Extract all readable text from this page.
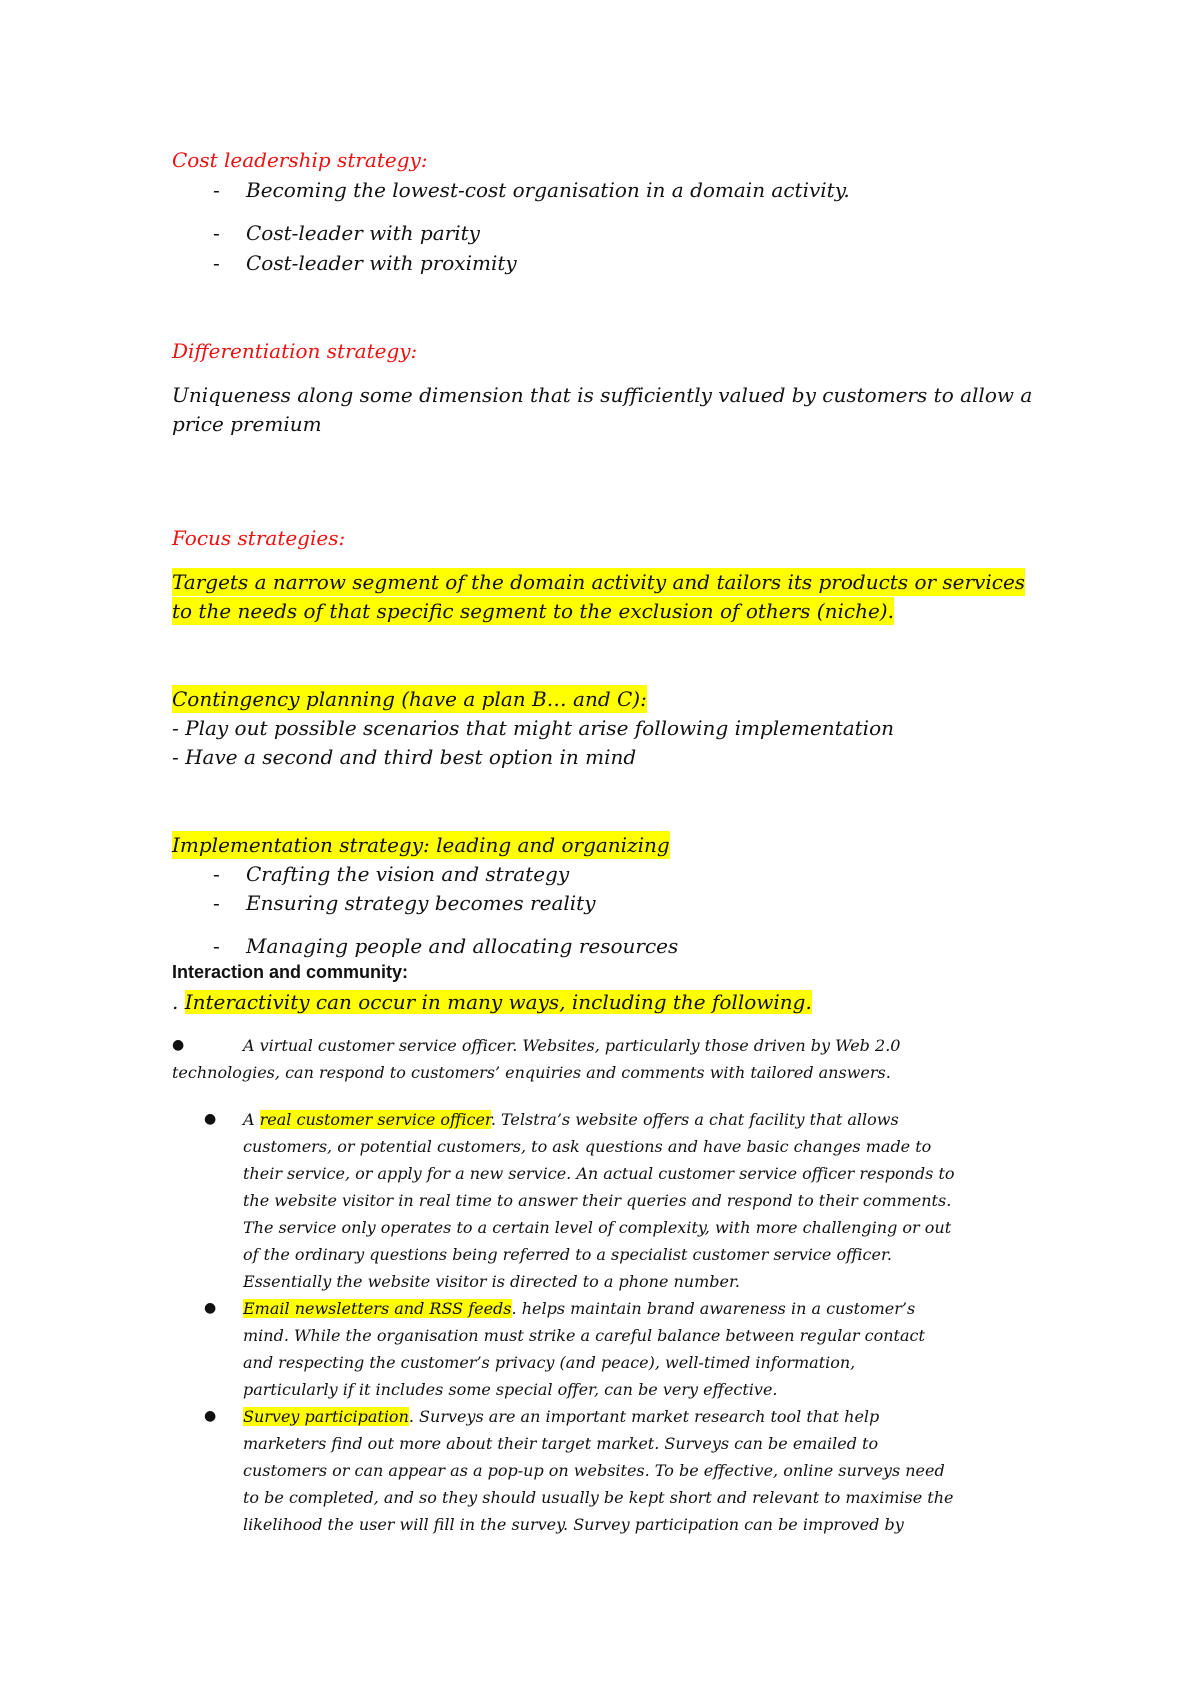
Cost leadership strategy:
- Becoming the lowest-cost organisation in a domain activity.
- Cost-leader with parity
- Cost-leader with proximity
Differentiation strategy:
Uniqueness along some dimension that is sufficiently valued by customers to allow a
price premium
Focus strategies:
Targets a narrow segment of the domain activity and tailors its products or services
to the needs of that specific segment to the exclusion of others (niche).
Contingency planning (have a plan B… and C):
- Play out possible scenarios that might arise following implementation
- Have a second and third best option in mind
Implementation strategy: leading and organizing
- Crafting the vision and strategy
- Ensuring strategy becomes reality
- Managing people and allocating resources
Interaction and community:
. Interactivity can occur in many ways, including the following.
●	A virtual customer service officer. Websites, particularly those driven by Web 2.0
technologies, can respond to customers’ enquiries and comments with tailored answers.
● A real customer service officer. Telstra’s website offers a chat facility that allows
customers, or potential customers, to ask questions and have basic changes made to
their service, or apply for a new service. An actual customer service officer responds to
the website visitor in real time to answer their queries and respond to their comments.
The service only operates to a certain level of complexity, with more challenging or out
of the ordinary questions being referred to a specialist customer service officer.
Essentially the website visitor is directed to a phone number.
● Email newsletters and RSS feeds. helps maintain brand awareness in a customer’s
mind. While the organisation must strike a careful balance between regular contact
and respecting the customer’s privacy (and peace), well-timed information,
particularly if it includes some special offer, can be very effective.
● Survey participation. Surveys are an important market research tool that help
marketers find out more about their target market. Surveys can be emailed to
customers or can appear as a pop-up on websites. To be effective, online surveys need
to be completed, and so they should usually be kept short and relevant to maximise the
likelihood the user will fill in the survey. Survey participation can be improved by
